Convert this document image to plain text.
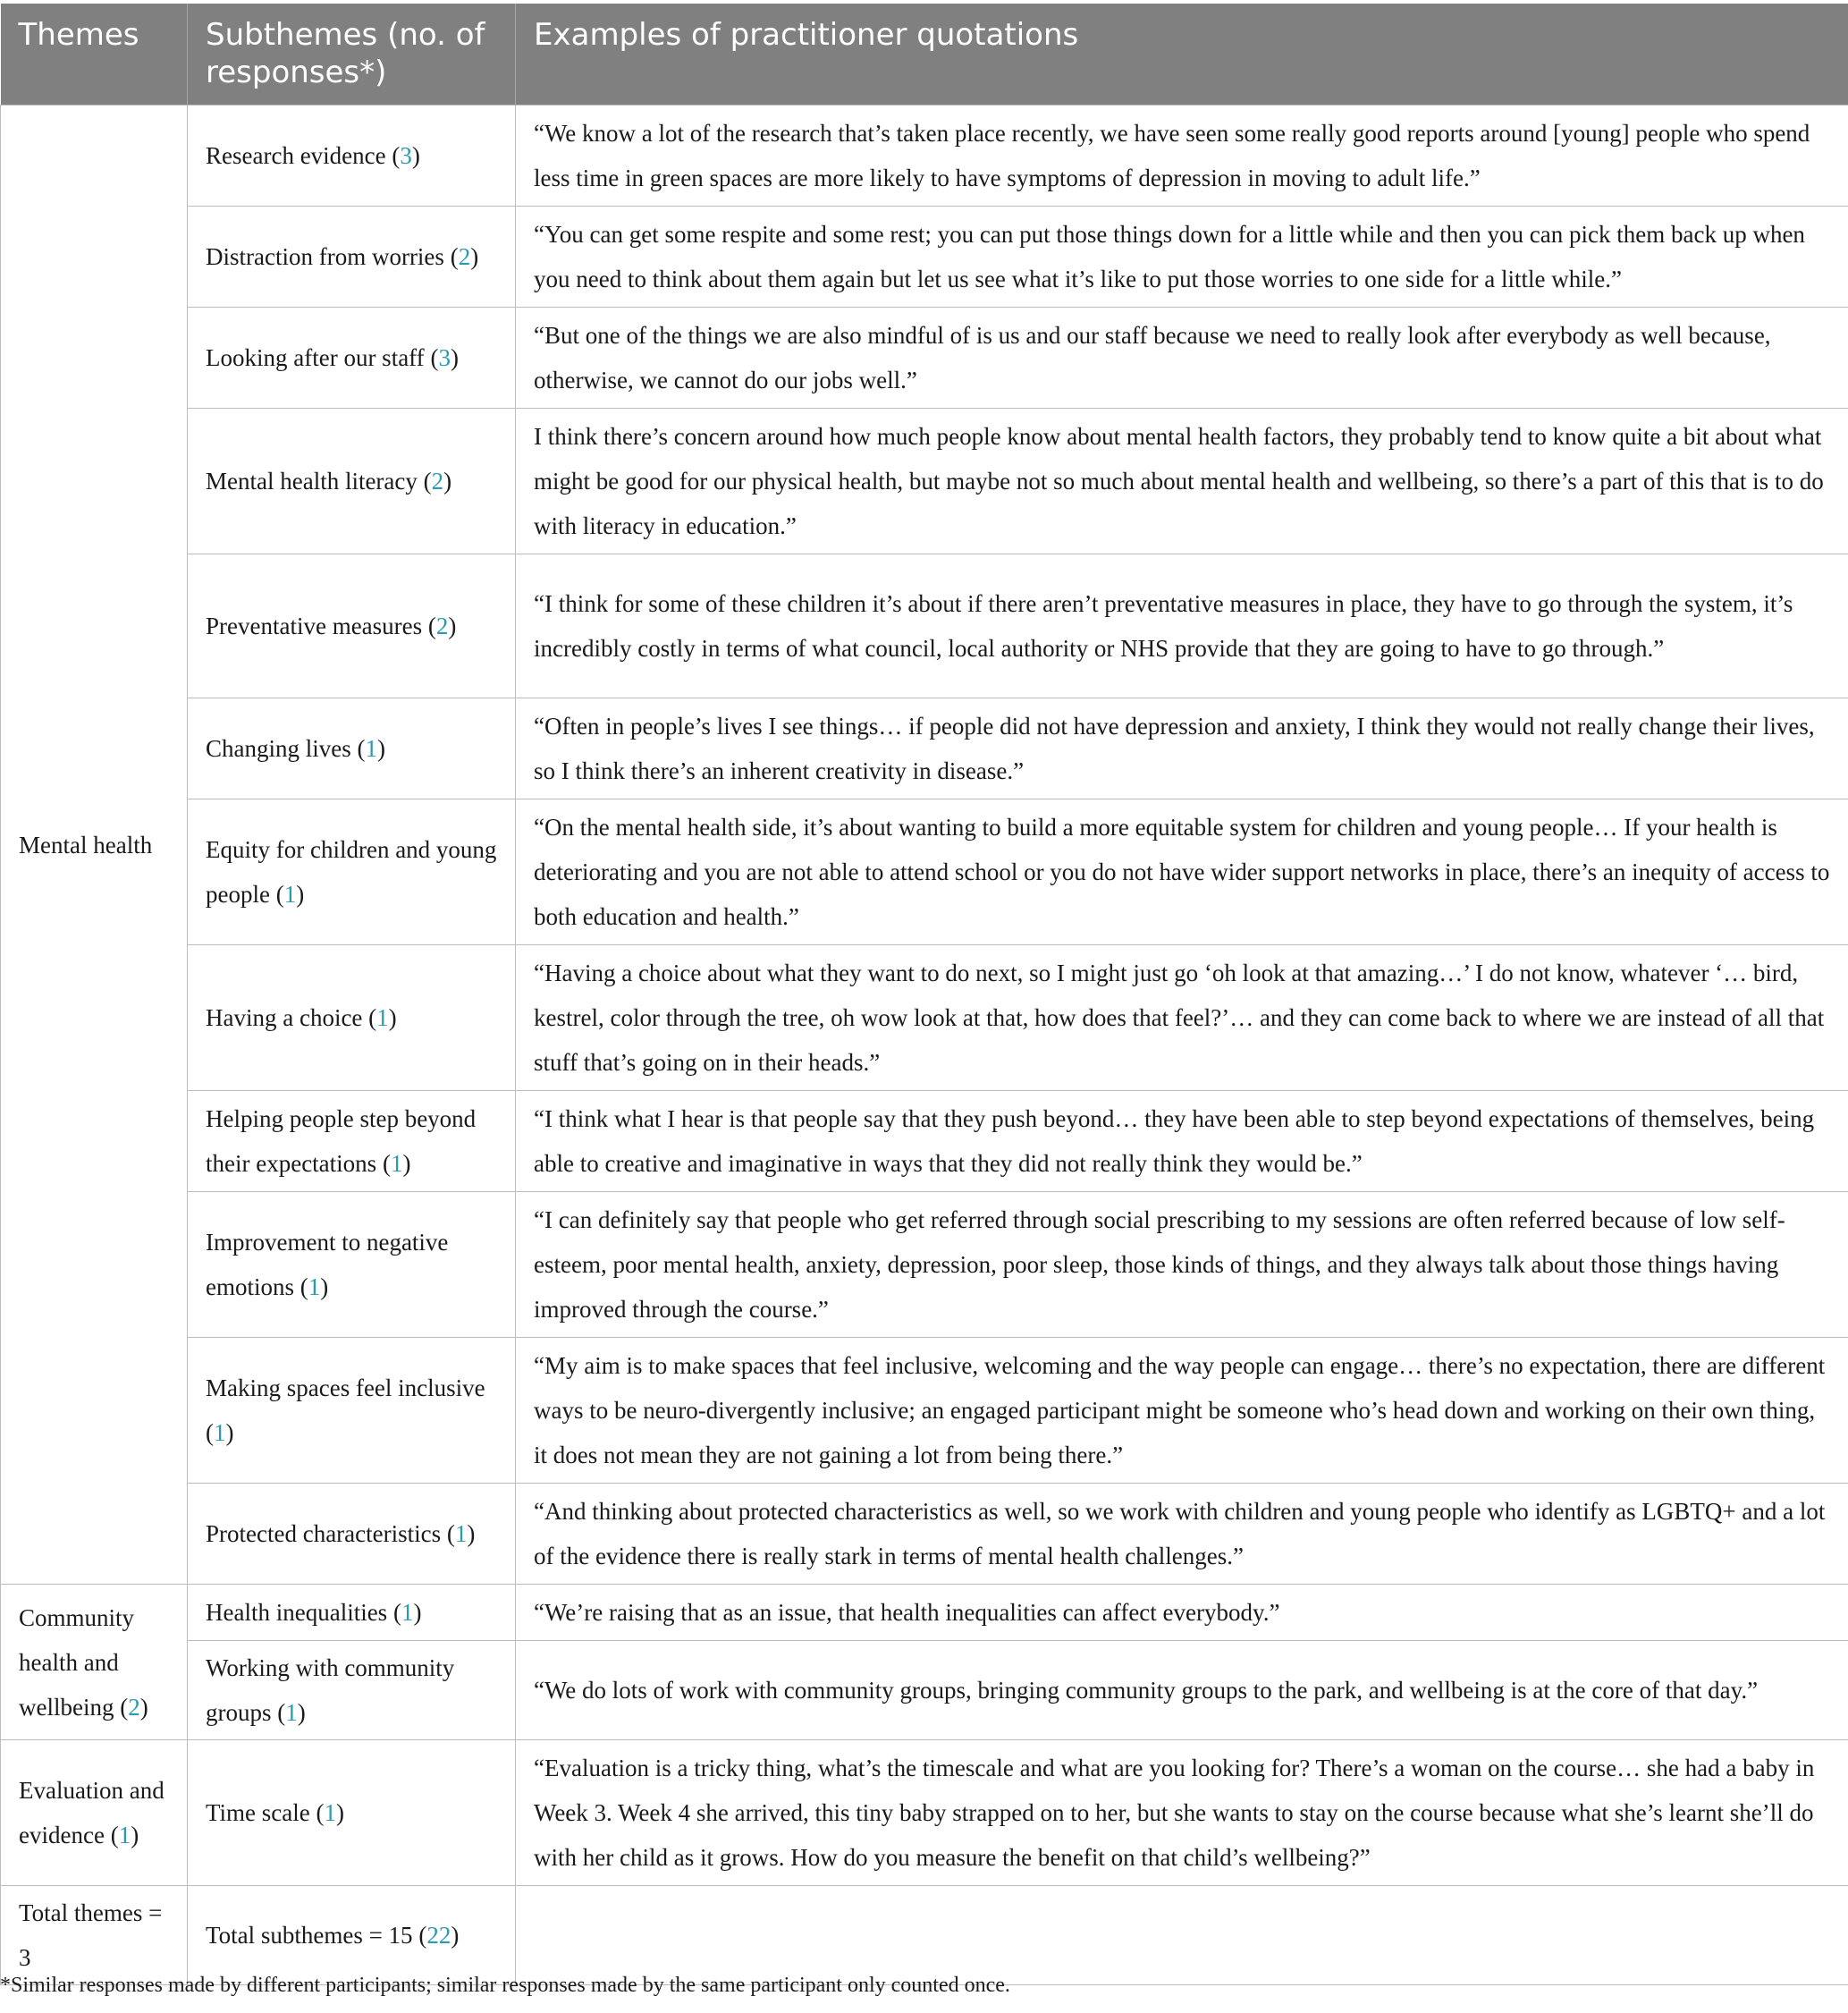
Themes	Subthemes (no. of responses*)	Examples of practitioner quotations
Mental health	Research evidence (3)	“We know a lot of the research that’s taken place recently, we have seen some really good reports around [young] people who spend less time in green spaces are more likely to have symptoms of depression in moving to adult life.”
	Distraction from worries (2)	“You can get some respite and some rest; you can put those things down for a little while and then you can pick them back up when you need to think about them again but let us see what it’s like to put those worries to one side for a little while.”
	Looking after our staff (3)	“But one of the things we are also mindful of is us and our staff because we need to really look after everybody as well because, otherwise, we cannot do our jobs well.”
	Mental health literacy (2)	I think there’s concern around how much people know about mental health factors, they probably tend to know quite a bit about what might be good for our physical health, but maybe not so much about mental health and wellbeing, so there’s a part of this that is to do with literacy in education.”
	Preventative measures (2)	“I think for some of these children it’s about if there aren’t preventative measures in place, they have to go through the system, it’s incredibly costly in terms of what council, local authority or NHS provide that they are going to have to go through.”
	Changing lives (1)	“Often in people’s lives I see things… if people did not have depression and anxiety, I think they would not really change their lives, so I think there’s an inherent creativity in disease.”
	Equity for children and young people (1)	“On the mental health side, it’s about wanting to build a more equitable system for children and young people… If your health is deteriorating and you are not able to attend school or you do not have wider support networks in place, there’s an inequity of access to both education and health.”
	Having a choice (1)	“Having a choice about what they want to do next, so I might just go ‘oh look at that amazing…’ I do not know, whatever ‘… bird, kestrel, color through the tree, oh wow look at that, how does that feel?’… and they can come back to where we are instead of all that stuff that’s going on in their heads.”
	Helping people step beyond their expectations (1)	“I think what I hear is that people say that they push beyond… they have been able to step beyond expectations of themselves, being able to creative and imaginative in ways that they did not really think they would be.”
	Improvement to negative emotions (1)	“I can definitely say that people who get referred through social prescribing to my sessions are often referred because of low self-esteem, poor mental health, anxiety, depression, poor sleep, those kinds of things, and they always talk about those things having improved through the course.”
	Making spaces feel inclusive (1)	“My aim is to make spaces that feel inclusive, welcoming and the way people can engage… there’s no expectation, there are different ways to be neuro-divergently inclusive; an engaged participant might be someone who’s head down and working on their own thing, it does not mean they are not gaining a lot from being there.”
	Protected characteristics (1)	“And thinking about protected characteristics as well, so we work with children and young people who identify as LGBTQ+ and a lot of the evidence there is really stark in terms of mental health challenges.”
Community health and wellbeing (2)	Health inequalities (1)	“We’re raising that as an issue, that health inequalities can affect everybody.”
	Working with community groups (1)	“We do lots of work with community groups, bringing community groups to the park, and wellbeing is at the core of that day.”
Evaluation and evidence (1)	Time scale (1)	“Evaluation is a tricky thing, what’s the timescale and what are you looking for? There’s a woman on the course… she had a baby in Week 3. Week 4 she arrived, this tiny baby strapped on to her, but she wants to stay on the course because what she’s learnt she’ll do with her child as it grows. How do you measure the benefit on that child’s wellbeing?”
Total themes = 3	Total subthemes = 15 (22)	
*Similar responses made by different participants; similar responses made by the same participant only counted once.
